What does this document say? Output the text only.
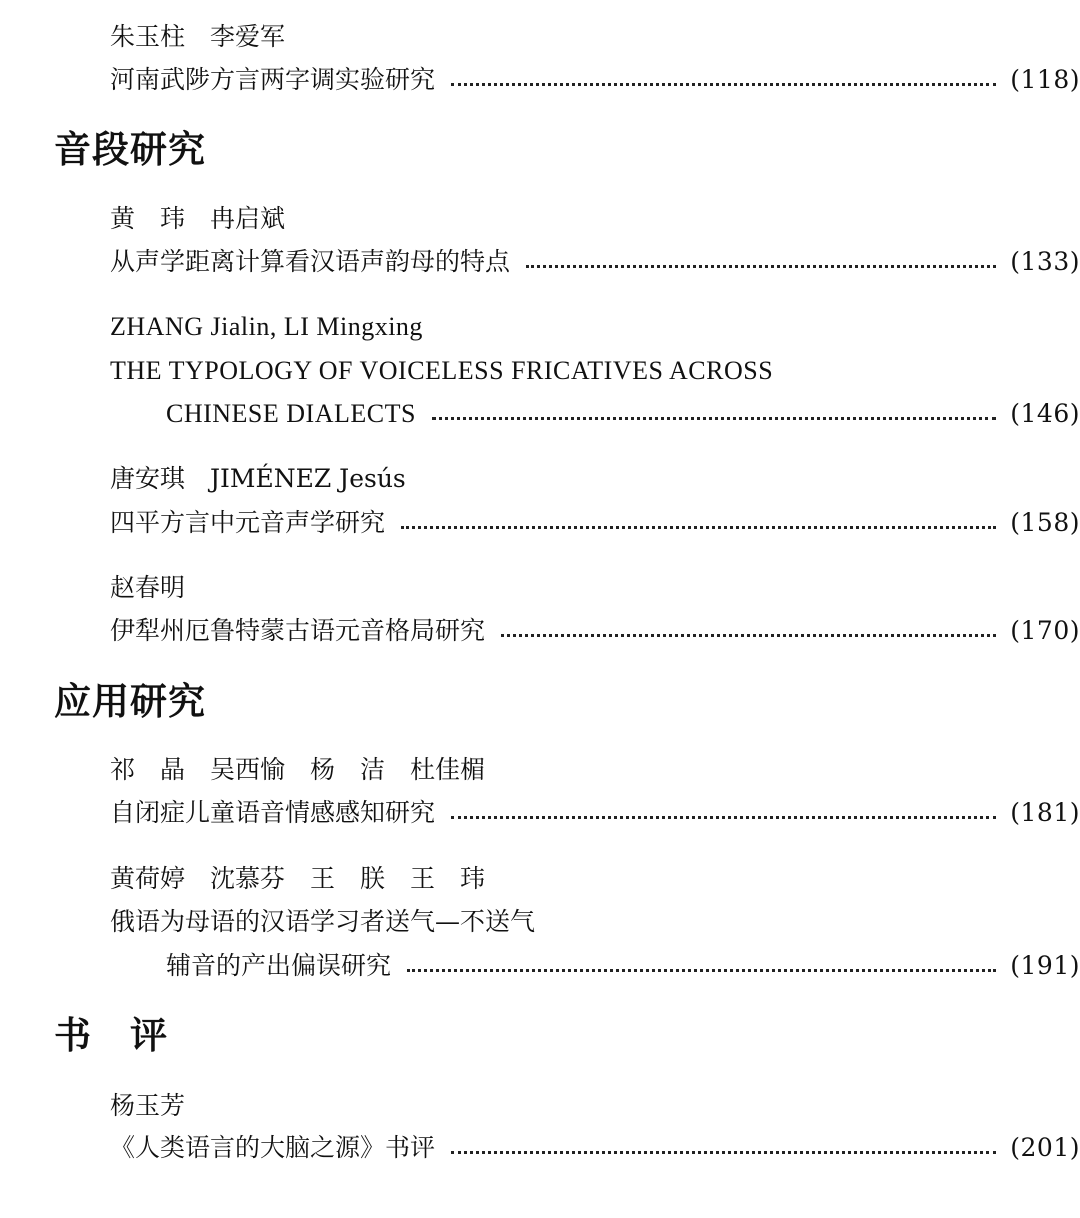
朱玉柱　李爱军
河南武陟方言两字调实验研究	(118)
音段研究
黄　玮　冉启斌
从声学距离计算看汉语声韵母的特点	(133)
ZHANG Jialin, LI Mingxing
THE TYPOLOGY OF VOICELESS FRICATIVES ACROSS
CHINESE DIALECTS	(146)
唐安琪　JIMÉNEZ Jesús
四平方言中元音声学研究	(158)
赵春明
伊犁州厄鲁特蒙古语元音格局研究	(170)
应用研究
祁　晶　吴西愉　杨　洁　杜佳楣
自闭症儿童语音情感感知研究	(181)
黄荷婷　沈慕芬　王　朕　王　玮
俄语为母语的汉语学习者送气—不送气
辅音的产出偏误研究	(191)
书　评
杨玉芳
《人类语言的大脑之源》书评	(201)
